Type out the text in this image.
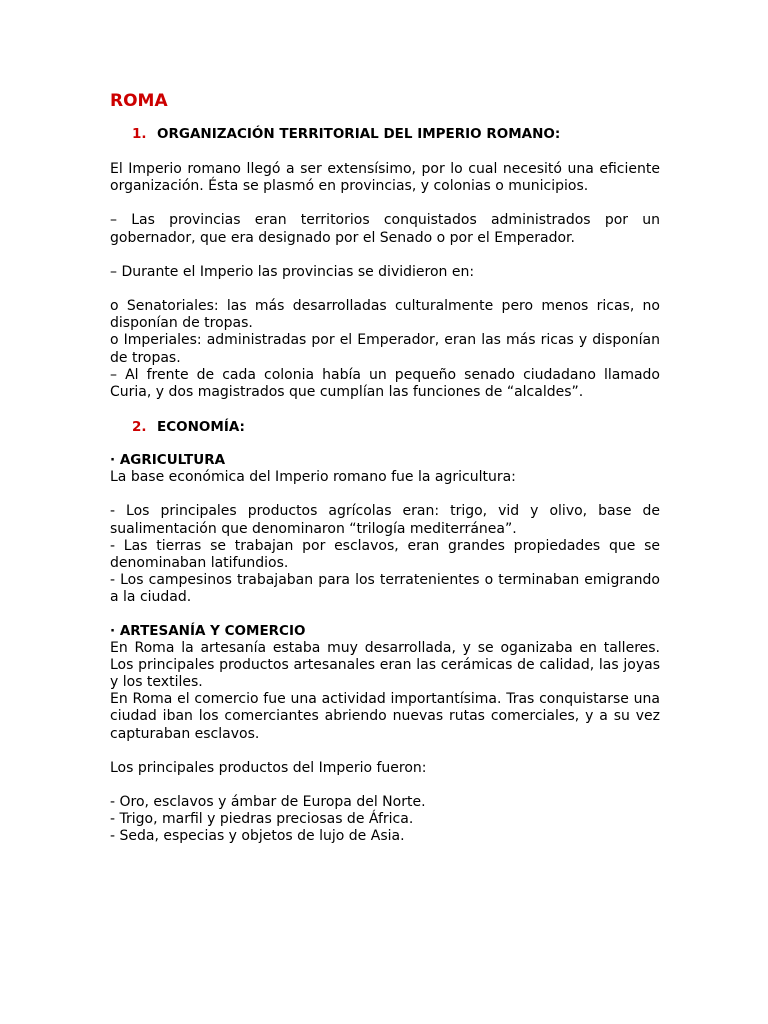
ROMA
1. ORGANIZACIÓN TERRITORIAL DEL IMPERIO ROMANO:

El Imperio romano llegó a ser extensísimo, por lo cual necesitó una eficiente organización. Ésta se plasmó en provincias, y colonias o municipios.

– Las provincias eran territorios conquistados administrados por un gobernador, que era designado por el Senado o por el Emperador.

– Durante el Imperio las provincias se dividieron en:

o Senatoriales: las más desarrolladas culturalmente pero menos ricas, no disponían de tropas.

o Imperiales: administradas por el Emperador, eran las más ricas y disponían de tropas.

– Al frente de cada colonia había un pequeño senado ciudadano llamado Curia, y dos magistrados que cumplían las funciones de “alcaldes”.

2. ECONOMÍA:
· AGRICULTURA

La base económica del Imperio romano fue la agricultura:

- Los principales productos agrícolas eran: trigo, vid y olivo, base de sualimentación que denominaron “trilogía mediterránea”.

- Las tierras se trabajan por esclavos, eran grandes propiedades que se denominaban latifundios.

- Los campesinos trabajaban para los terratenientes o terminaban emigrando a la ciudad.

· ARTESANÍA Y COMERCIO

En Roma la artesanía estaba muy desarrollada, y se oganizaba en talleres. Los principales productos artesanales eran las cerámicas de calidad, las joyas y los textiles.

En Roma el comercio fue una actividad importantísima. Tras conquistarse una ciudad iban los comerciantes abriendo nuevas rutas comerciales, y a su vez capturaban esclavos.

Los principales productos del Imperio fueron:

- Oro, esclavos y ámbar de Europa del Norte.

- Trigo, marfil y piedras preciosas de África.

- Seda, especias y objetos de lujo de Asia.
